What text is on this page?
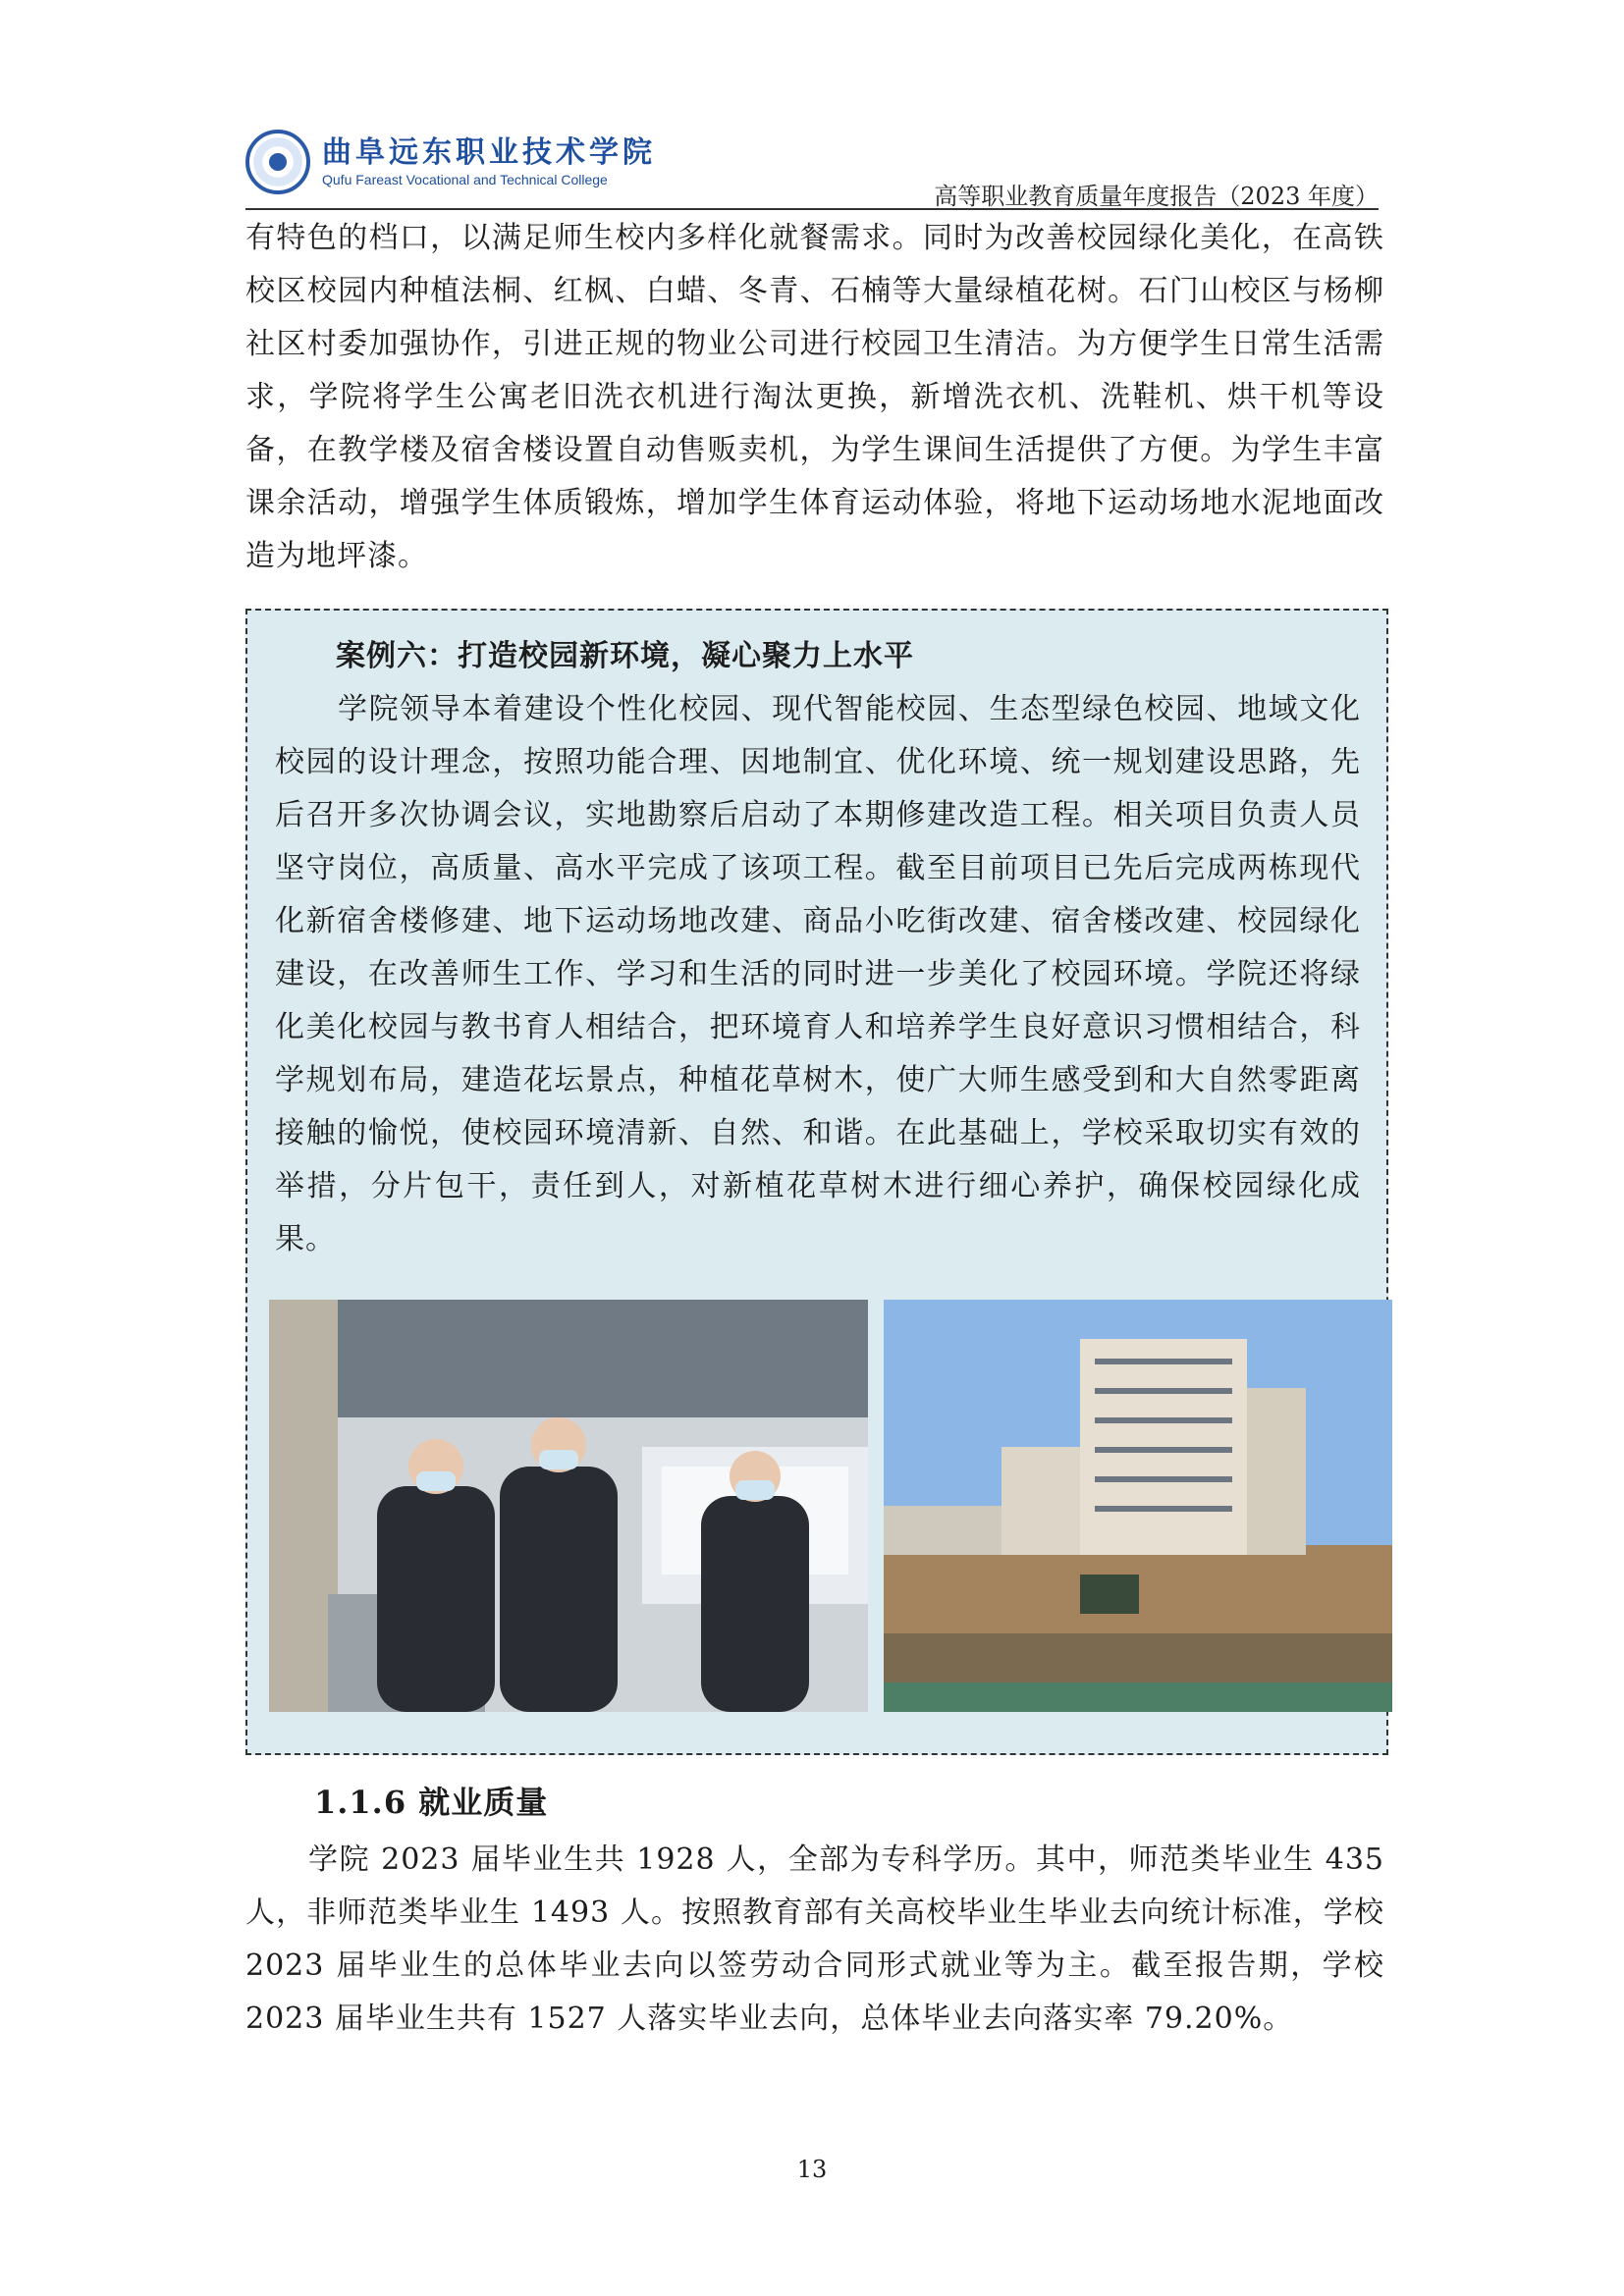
曲阜远东职业技术学院
Qufu Fareast Vocational and Technical College
高等职业教育质量年度报告（2023 年度）
有特色的档口，以满足师生校内多样化就餐需求。同时为改善校园绿化美化，在高铁校区校园内种植法桐、红枫、白蜡、冬青、石楠等大量绿植花树。石门山校区与杨柳社区村委加强协作，引进正规的物业公司进行校园卫生清洁。为方便学生日常生活需求，学院将学生公寓老旧洗衣机进行淘汰更换，新增洗衣机、洗鞋机、烘干机等设备，在教学楼及宿舍楼设置自动售贩卖机，为学生课间生活提供了方便。为学生丰富课余活动，增强学生体质锻炼，增加学生体育运动体验，将地下运动场地水泥地面改造为地坪漆。
案例六：打造校园新环境，凝心聚力上水平
学院领导本着建设个性化校园、现代智能校园、生态型绿色校园、地域文化校园的设计理念，按照功能合理、因地制宜、优化环境、统一规划建设思路，先后召开多次协调会议，实地勘察后启动了本期修建改造工程。相关项目负责人员坚守岗位，高质量、高水平完成了该项工程。截至目前项目已先后完成两栋现代化新宿舍楼修建、地下运动场地改建、商品小吃街改建、宿舍楼改建、校园绿化建设，在改善师生工作、学习和生活的同时进一步美化了校园环境。学院还将绿化美化校园与教书育人相结合，把环境育人和培养学生良好意识习惯相结合，科学规划布局，建造花坛景点，种植花草树木，使广大师生感受到和大自然零距离接触的愉悦，使校园环境清新、自然、和谐。在此基础上，学校采取切实有效的举措，分片包干，责任到人，对新植花草树木进行细心养护，确保校园绿化成果。
1.1.6 就业质量
学院 2023 届毕业生共 1928 人，全部为专科学历。其中，师范类毕业生 435 人，非师范类毕业生 1493 人。按照教育部有关高校毕业生毕业去向统计标准，学校 2023 届毕业生的总体毕业去向以签劳动合同形式就业等为主。截至报告期，学校 2023 届毕业生共有 1527 人落实毕业去向，总体毕业去向落实率 79.20%。
13
